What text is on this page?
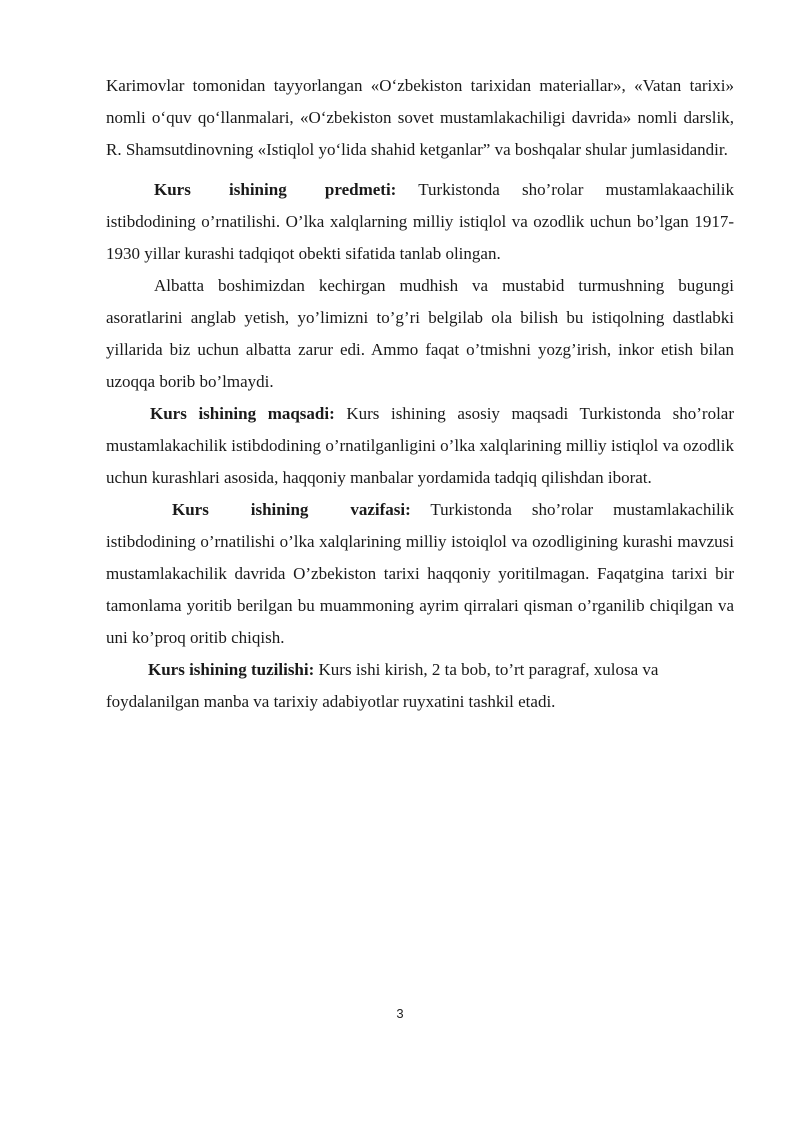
Karimovlar tomonidan tayyorlangan «O‘zbekiston tarixidan materiallar», «Vatan tarixi» nomli o‘quv qo‘llanmalari, «O‘zbekiston sovet mustamlakachiligi davrida» nomli darslik, R. Shamsutdinovning «Istiqlol yo‘lida shahid ketganlar” va boshqalar shular jumlasidandir.

Kurs ishining predmeti: Turkistonda sho’rolar mustamlakaachilik istibdodining o’rnatilishi. O’lka xalqlarning milliy istiqlol va ozodlik uchun bo’lgan 1917-1930 yillar kurashi tadqiqot obekti sifatida tanlab olingan.

Albatta boshimizdan kechirgan mudhish va mustabid turmushning bugungi asoratlarini anglab yetish, yo’limizni to’g’ri belgilab ola bilish bu istiqolning dastlabki yillarida biz uchun albatta zarur edi. Ammo faqat o’tmishni yozg’irish, inkor etish bilan uzoqqa borib bo’lmaydi.

Kurs ishining maqsadi: Kurs ishining asosiy maqsadi Turkistonda sho’rolar mustamlakachilik istibdodining o’rnatilganligini o’lka xalqlarining milliy istiqlol va ozodlik uchun kurashlari asosida, haqqoniy manbalar yordamida tadqiq qilishdan iborat.

Kurs ishining vazifasi: Turkistonda sho’rolar mustamlakachilik istibdodining o’rnatilishi o’lka xalqlarining milliy istoiqlol va ozodligining kurashi mavzusi mustamlakachilik davrida O’zbekiston tarixi haqqoniy yoritilmagan. Faqatgina tarixi bir tamonlama yoritib berilgan bu muammoning ayrim qirralari qisman o’rganilib chiqilgan va uni ko’proq oritib chiqish.

Kurs ishining tuzilishi: Kurs ishi kirish, 2 ta bob, to’rt paragraf, xulosa va foydalanilgan manba va tarixiy adabiyotlar ruyxatini tashkil etadi.

3
